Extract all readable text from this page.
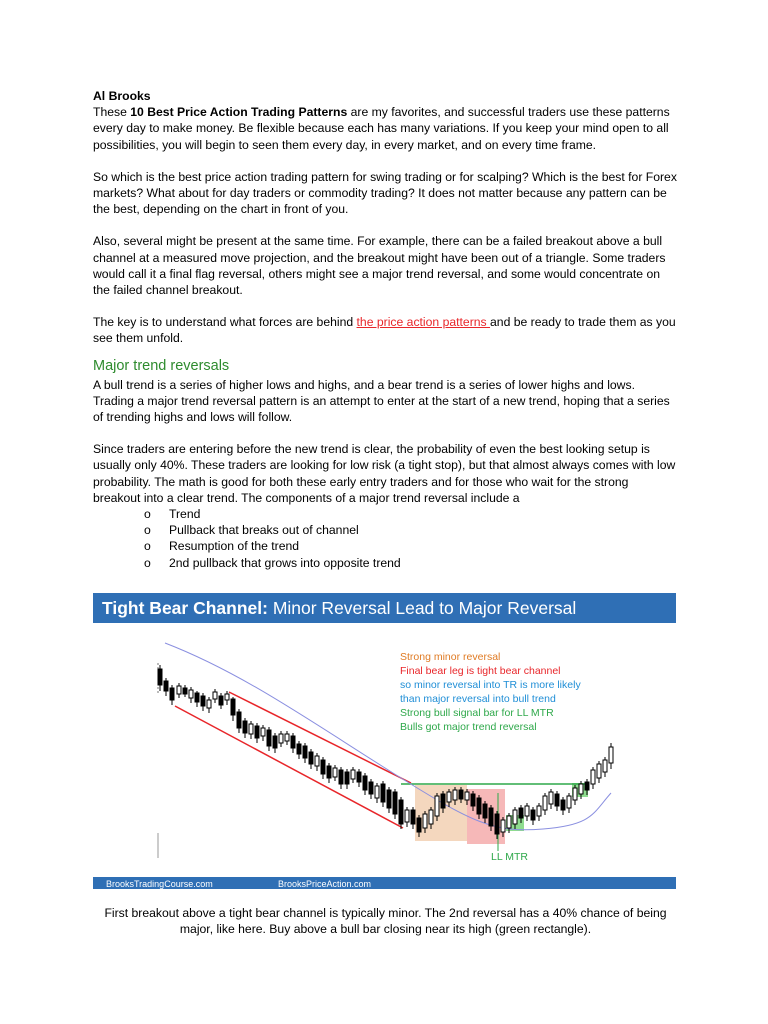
Al Brooks

These 10 Best Price Action Trading Patterns are my favorites, and successful traders use these patterns every day to make money. Be flexible because each has many variations. If you keep your mind open to all possibilities, you will begin to seen them every day, in every market, and on every time frame.

So which is the best price action trading pattern for swing trading or for scalping? Which is the best for Forex markets? What about for day traders or commodity trading? It does not matter because any pattern can be the best, depending on the chart in front of you.

Also, several might be present at the same time. For example, there can be a failed breakout above a bull channel at a measured move projection, and the breakout might have been out of a triangle. Some traders would call it a final flag reversal, others might see a major trend reversal, and some would concentrate on the failed channel breakout.

The key is to understand what forces are behind the price action patterns and be ready to trade them as you see them unfold.

Major trend reversals

A bull trend is a series of higher lows and highs, and a bear trend is a series of lower highs and lows. Trading a major trend reversal pattern is an attempt to enter at the start of a new trend, hoping that a series of trending highs and lows will follow.

Since traders are entering before the new trend is clear, the probability of even the best looking setup is usually only 40%. These traders are looking for low risk (a tight stop), but that almost always comes with low probability. The math is good for both these early entry traders and for those who wait for the strong breakout into a clear trend. The components of a major trend reversal include a

o Trend
o Pullback that breaks out of channel
o Resumption of the trend
o 2nd pullback that grows into opposite trend
Tight Bear Channel: Minor Reversal Lead to Major Reversal
Strong minor reversal
Final bear leg is tight bear channel
so minor reversal into TR is more likely
than major reversal into bull trend
Strong bull signal bar for LL MTR
Bulls got major trend reversal
LL MTR
BrooksTradingCourse.com	BrooksPriceAction.com

First breakout above a tight bear channel is typically minor. The 2nd reversal has a 40% chance of being major, like here. Buy above a bull bar closing near its high (green rectangle).
